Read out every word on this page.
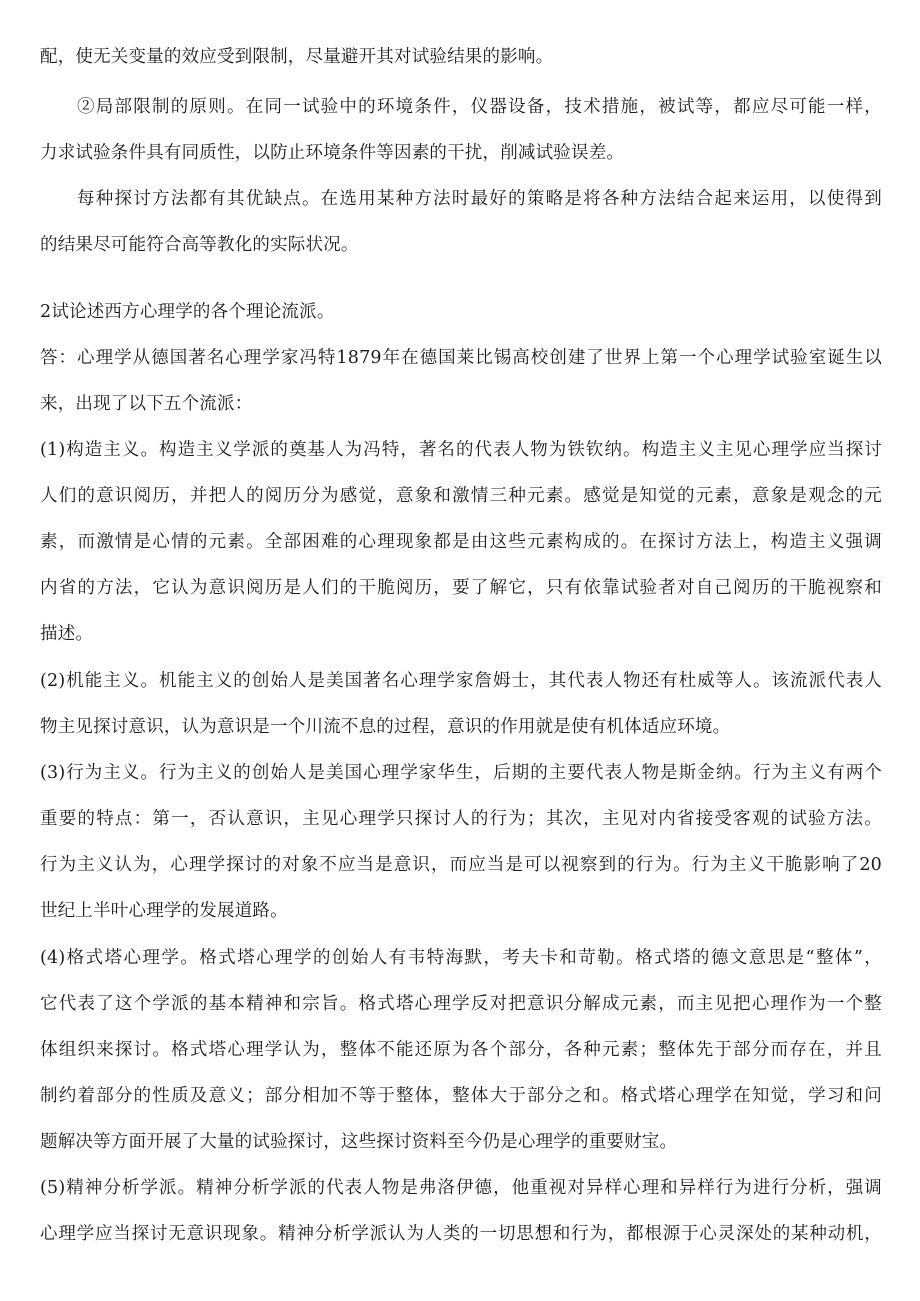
配，使无关变量的效应受到限制，尽量避开其对试验结果的影响。

②局部限制的原则。在同一试验中的环境条件，仪器设备，技术措施，被试等，都应尽可能一样，

力求试验条件具有同质性，以防止环境条件等因素的干扰，削减试验误差。

每种探讨方法都有其优缺点。在选用某种方法时最好的策略是将各种方法结合起来运用，以使得到

的结果尽可能符合高等教化的实际状况。

2试论述西方心理学的各个理论流派。

答：心理学从德国著名心理学家冯特1879年在德国莱比锡高校创建了世界上第一个心理学试验室诞生以

来，出现了以下五个流派：

(1)构造主义。构造主义学派的奠基人为冯特，著名的代表人物为铁钦纳。构造主义主见心理学应当探讨

人们的意识阅历，并把人的阅历分为感觉，意象和激情三种元素。感觉是知觉的元素，意象是观念的元

素，而激情是心情的元素。全部困难的心理现象都是由这些元素构成的。在探讨方法上，构造主义强调

内省的方法，它认为意识阅历是人们的干脆阅历，要了解它，只有依靠试验者对自己阅历的干脆视察和

描述。

(2)机能主义。机能主义的创始人是美国著名心理学家詹姆士，其代表人物还有杜威等人。该流派代表人

物主见探讨意识，认为意识是一个川流不息的过程，意识的作用就是使有机体适应环境。

(3)行为主义。行为主义的创始人是美国心理学家华生，后期的主要代表人物是斯金纳。行为主义有两个

重要的特点：第一，否认意识，主见心理学只探讨人的行为；其次，主见对内省接受客观的试验方法。

行为主义认为，心理学探讨的对象不应当是意识，而应当是可以视察到的行为。行为主义干脆影响了20

世纪上半叶心理学的发展道路。

(4)格式塔心理学。格式塔心理学的创始人有韦特海默，考夫卡和苛勒。格式塔的德文意思是“整体”，

它代表了这个学派的基本精神和宗旨。格式塔心理学反对把意识分解成元素，而主见把心理作为一个整

体组织来探讨。格式塔心理学认为，整体不能还原为各个部分，各种元素；整体先于部分而存在，并且

制约着部分的性质及意义；部分相加不等于整体，整体大于部分之和。格式塔心理学在知觉，学习和问

题解决等方面开展了大量的试验探讨，这些探讨资料至今仍是心理学的重要财宝。

(5)精神分析学派。精神分析学派的代表人物是弗洛伊德，他重视对异样心理和异样行为进行分析，强调

心理学应当探讨无意识现象。精神分析学派认为人类的一切思想和行为，都根源于心灵深处的某种动机，
